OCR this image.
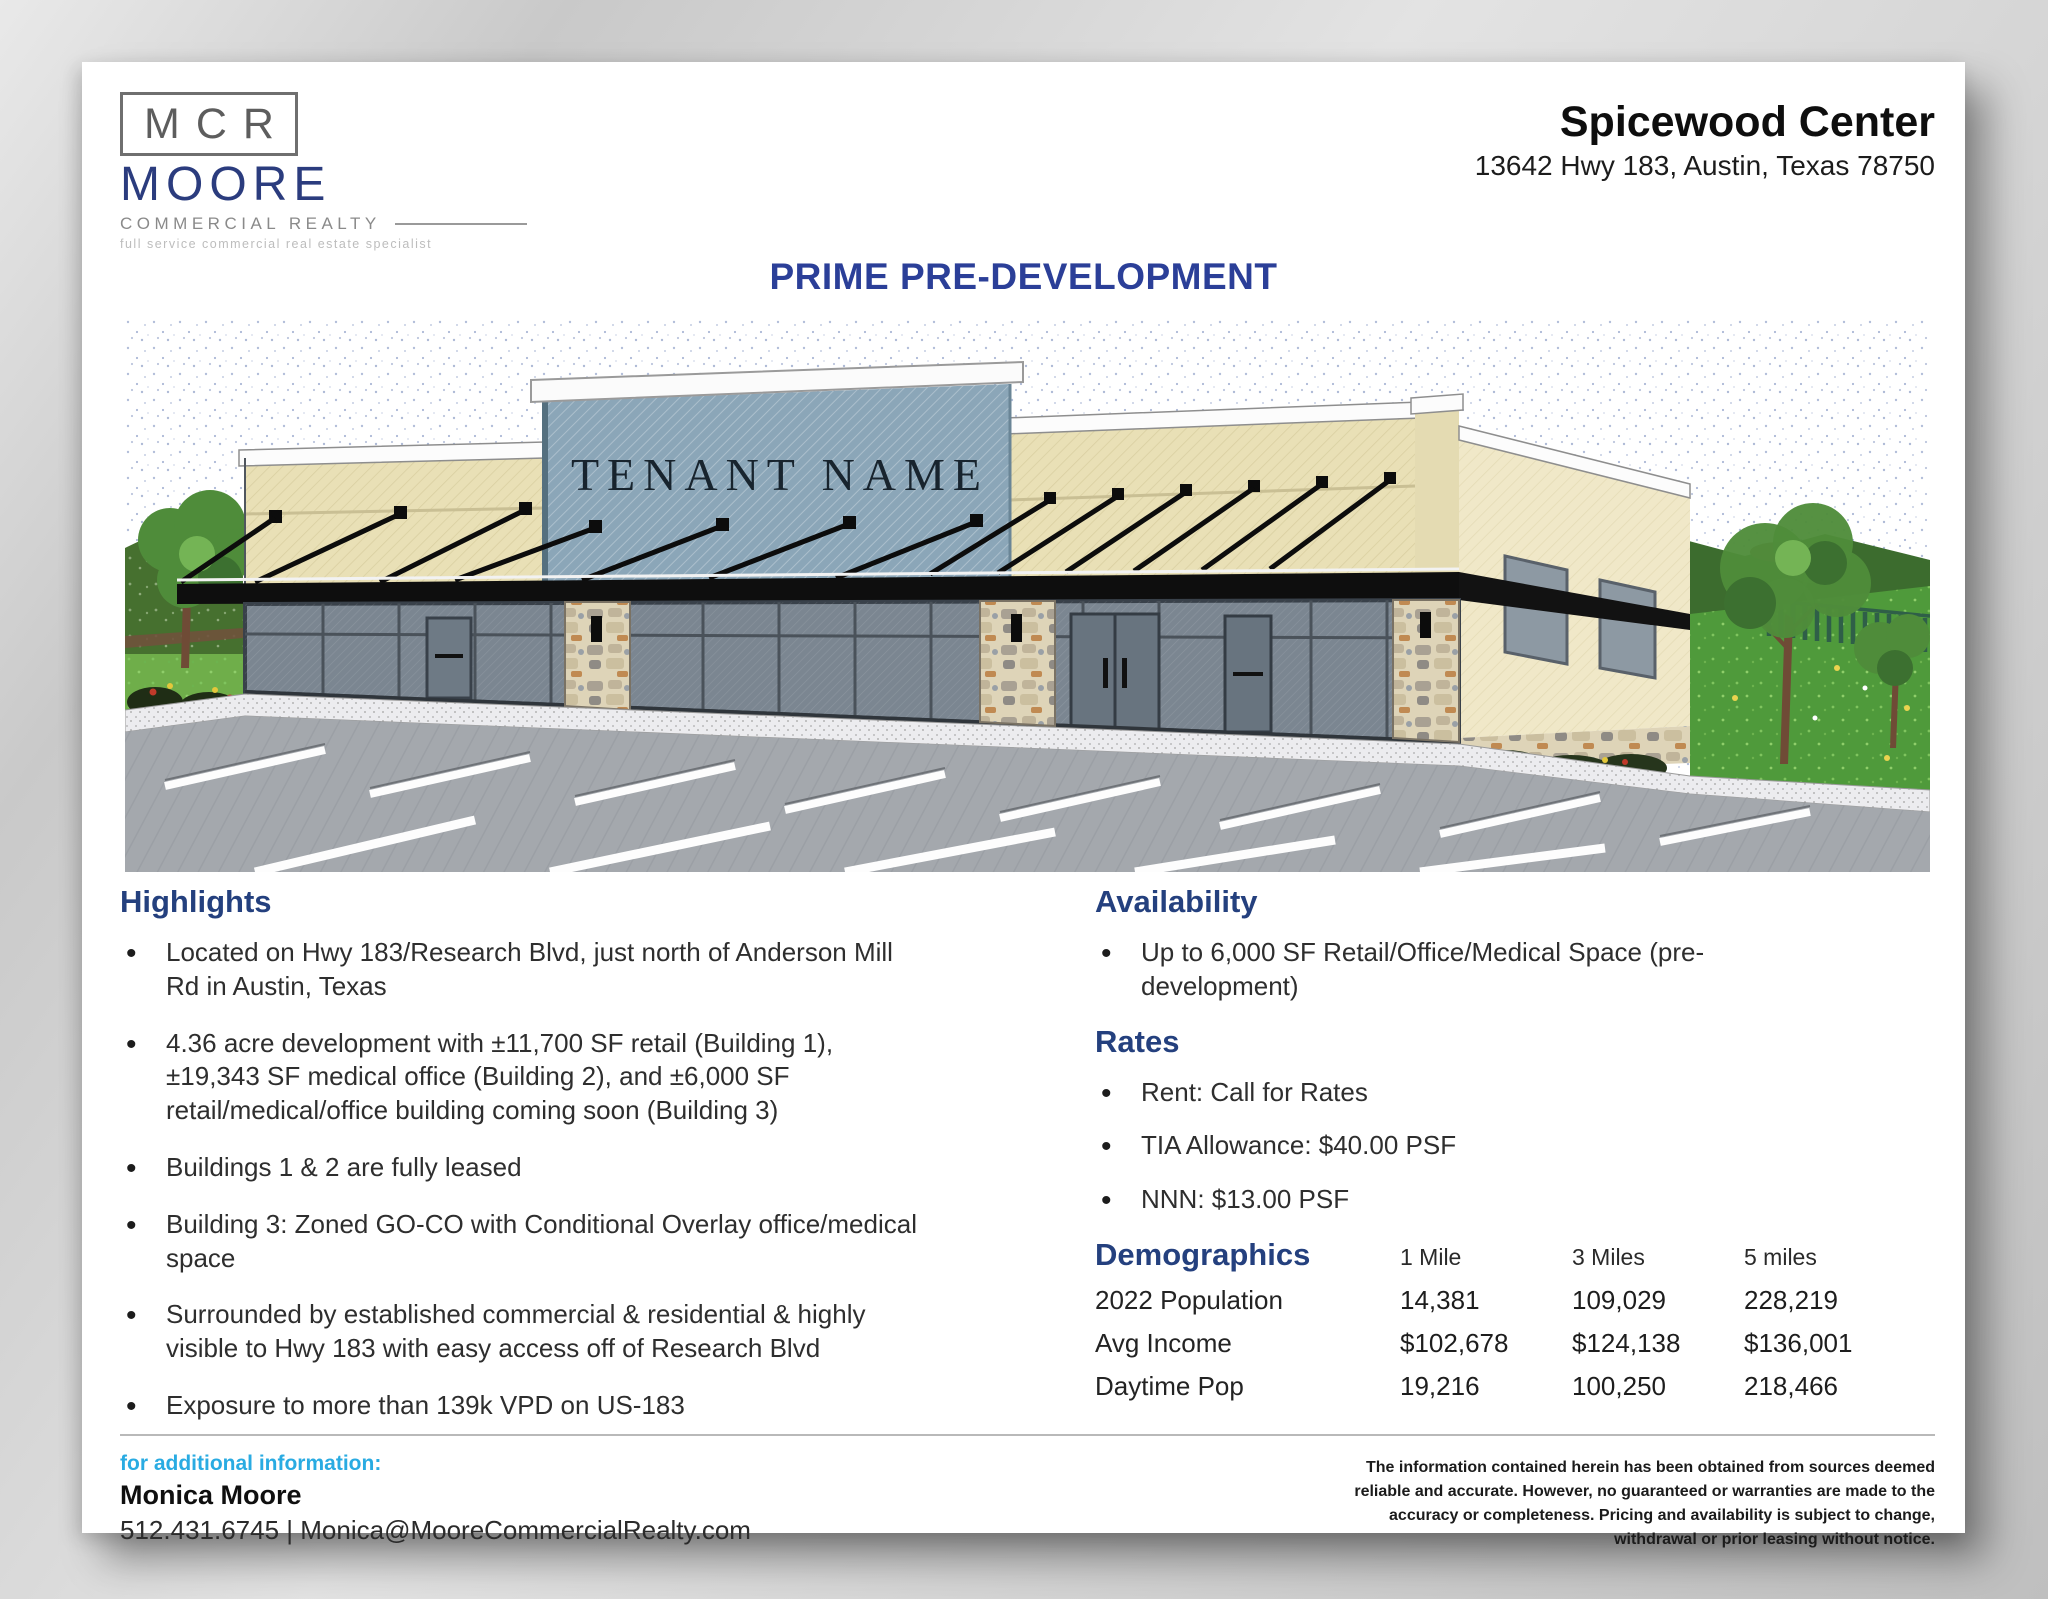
MCR
MOORE
COMMERCIAL REALTY
full service commercial real estate specialist
Spicewood Center
13642 Hwy 183, Austin, Texas 78750
PRIME PRE-DEVELOPMENT
TENANT NAME
Highlights
• Located on Hwy 183/Research Blvd, just north of Anderson Mill Rd in Austin, Texas
• 4.36 acre development with ±11,700 SF retail (Building 1), ±19,343 SF medical office (Building 2), and ±6,000 SF retail/medical/office building coming soon (Building 3)
• Buildings 1 & 2 are fully leased
• Building 3: Zoned GO-CO with Conditional Overlay office/medical space
• Surrounded by established commercial & residential & highly visible to Hwy 183 with easy access off of Research Blvd
• Exposure to more than 139k VPD on US-183
Availability
• Up to 6,000 SF Retail/Office/Medical Space (pre-development)
Rates
• Rent: Call for Rates
• TIA Allowance: $40.00 PSF
• NNN: $13.00 PSF
Demographics	1 Mile	3 Miles	5 miles
2022 Population	14,381	109,029	228,219
Avg Income	$102,678	$124,138	$136,001
Daytime Pop	19,216	100,250	218,466
for additional information:
Monica Moore
512.431.6745 | Monica@MooreCommercialRealty.com
The information contained herein has been obtained from sources deemed reliable and accurate. However, no guaranteed or warranties are made to the accuracy or completeness. Pricing and availability is subject to change, withdrawal or prior leasing without notice.
